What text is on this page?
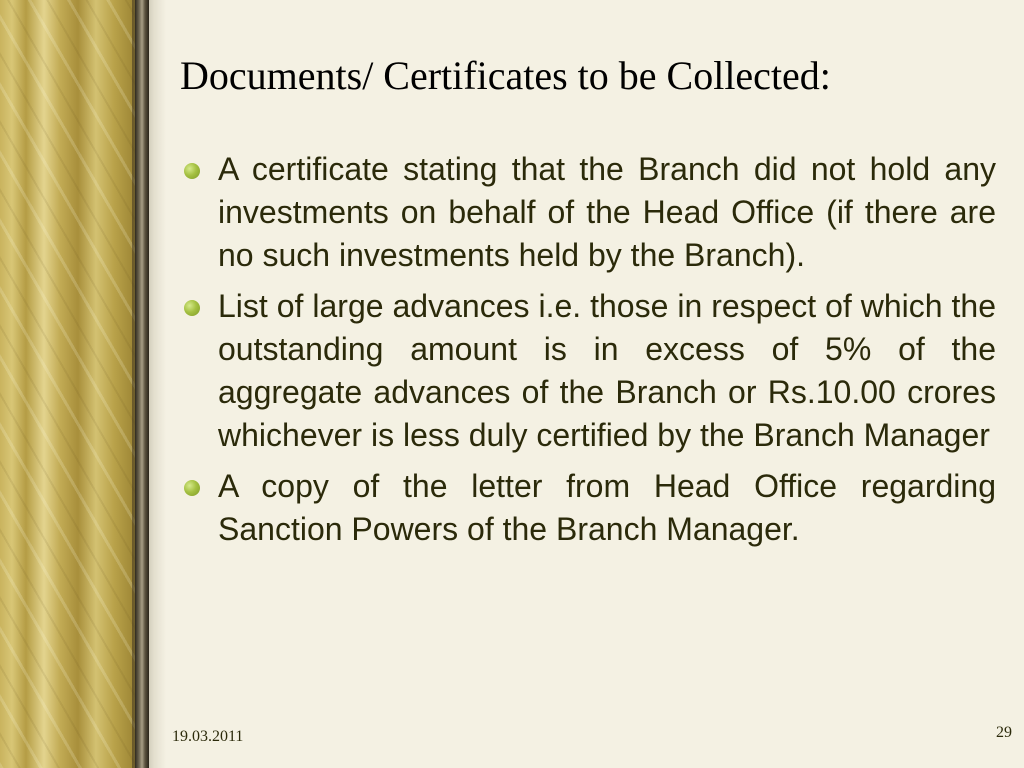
Documents/ Certificates to be Collected:
A certificate stating that the Branch did not hold any investments on behalf of the Head Office (if there are no such investments held by the Branch).
List of large advances i.e. those in respect of which the outstanding amount is in excess of 5% of the aggregate advances of the Branch or Rs.10.00 crores whichever is less duly certified by the Branch Manager
A copy of the letter from Head Office regarding Sanction Powers of the Branch Manager.
19.03.2011	29
